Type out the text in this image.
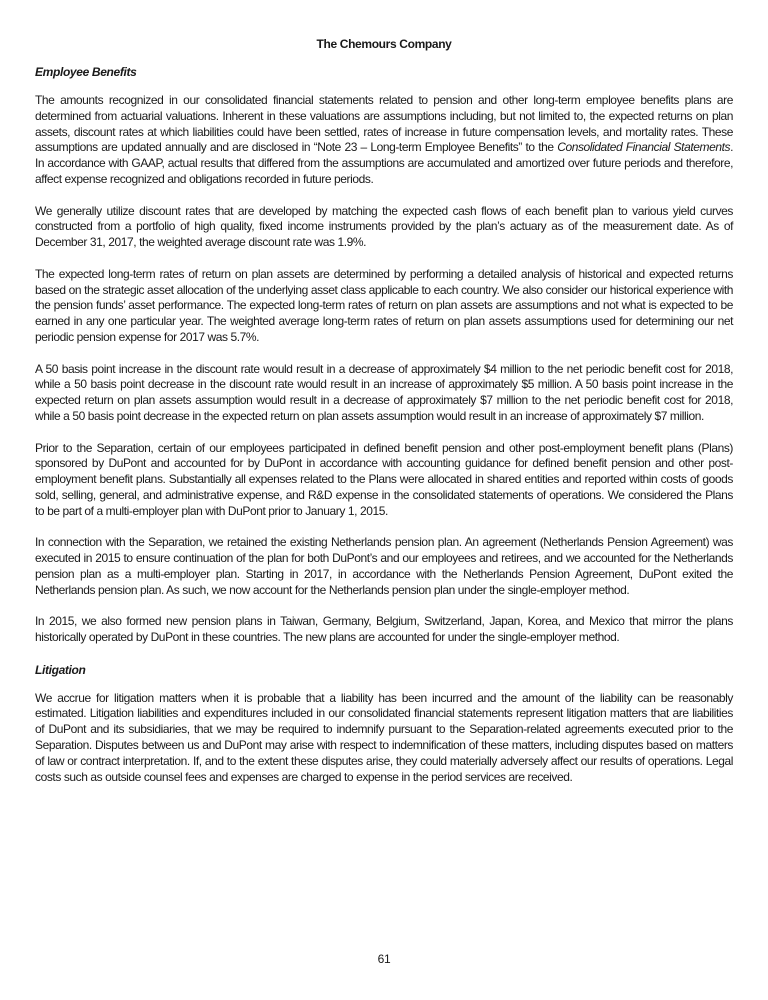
The Chemours Company
Employee Benefits

The amounts recognized in our consolidated financial statements related to pension and other long-term employee benefits plans are determined from actuarial valuations. Inherent in these valuations are assumptions including, but not limited to, the expected returns on plan assets, discount rates at which liabilities could have been settled, rates of increase in future compensation levels, and mortality rates. These assumptions are updated annually and are disclosed in “Note 23 – Long-term Employee Benefits” to the Consolidated Financial Statements. In accordance with GAAP, actual results that differed from the assumptions are accumulated and amortized over future periods and therefore, affect expense recognized and obligations recorded in future periods.

We generally utilize discount rates that are developed by matching the expected cash flows of each benefit plan to various yield curves constructed from a portfolio of high quality, fixed income instruments provided by the plan’s actuary as of the measurement date. As of December 31, 2017, the weighted average discount rate was 1.9%.

The expected long-term rates of return on plan assets are determined by performing a detailed analysis of historical and expected returns based on the strategic asset allocation of the underlying asset class applicable to each country. We also consider our historical experience with the pension funds’ asset performance. The expected long-term rates of return on plan assets are assumptions and not what is expected to be earned in any one particular year. The weighted average long-term rates of return on plan assets assumptions used for determining our net periodic pension expense for 2017 was 5.7%.

A 50 basis point increase in the discount rate would result in a decrease of approximately $4 million to the net periodic benefit cost for 2018, while a 50 basis point decrease in the discount rate would result in an increase of approximately $5 million. A 50 basis point increase in the expected return on plan assets assumption would result in a decrease of approximately $7 million to the net periodic benefit cost for 2018, while a 50 basis point decrease in the expected return on plan assets assumption would result in an increase of approximately $7 million.

Prior to the Separation, certain of our employees participated in defined benefit pension and other post-employment benefit plans (Plans) sponsored by DuPont and accounted for by DuPont in accordance with accounting guidance for defined benefit pension and other post-employment benefit plans. Substantially all expenses related to the Plans were allocated in shared entities and reported within costs of goods sold, selling, general, and administrative expense, and R&D expense in the consolidated statements of operations. We considered the Plans to be part of a multi-employer plan with DuPont prior to January 1, 2015.

In connection with the Separation, we retained the existing Netherlands pension plan. An agreement (Netherlands Pension Agreement) was executed in 2015 to ensure continuation of the plan for both DuPont’s and our employees and retirees, and we accounted for the Netherlands pension plan as a multi-employer plan. Starting in 2017, in accordance with the Netherlands Pension Agreement, DuPont exited the Netherlands pension plan. As such, we now account for the Netherlands pension plan under the single-employer method.

In 2015, we also formed new pension plans in Taiwan, Germany, Belgium, Switzerland, Japan, Korea, and Mexico that mirror the plans historically operated by DuPont in these countries. The new plans are accounted for under the single-employer method.

Litigation

We accrue for litigation matters when it is probable that a liability has been incurred and the amount of the liability can be reasonably estimated. Litigation liabilities and expenditures included in our consolidated financial statements represent litigation matters that are liabilities of DuPont and its subsidiaries, that we may be required to indemnify pursuant to the Separation-related agreements executed prior to the Separation. Disputes between us and DuPont may arise with respect to indemnification of these matters, including disputes based on matters of law or contract interpretation. If, and to the extent these disputes arise, they could materially adversely affect our results of operations. Legal costs such as outside counsel fees and expenses are charged to expense in the period services are received.

61
